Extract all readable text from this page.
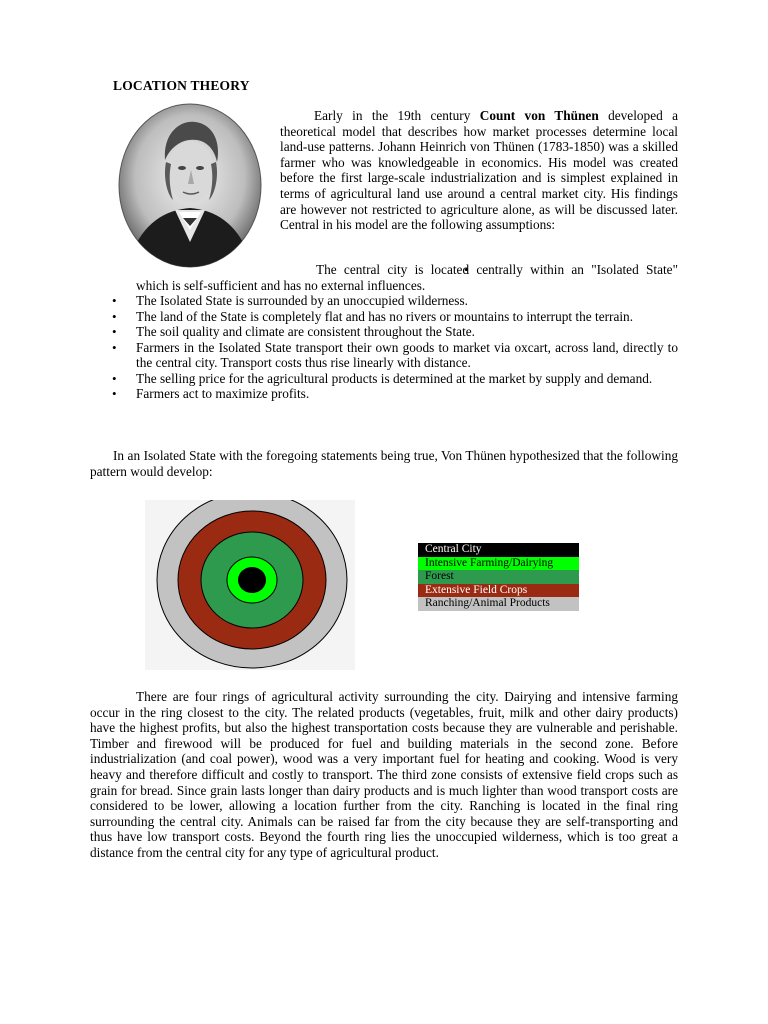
LOCATION THEORY

Early in the 19th century Count von Thünen developed a theoretical model that describes how market processes determine local land-use patterns. Johann Heinrich von Thünen (1783-1850) was a skilled farmer who was knowledgeable in economics. His model was created before the first large-scale industrialization and is simplest explained in terms of agricultural land use around a central market city. His findings are however not restricted to agriculture alone, as will be discussed later. Central in his model are the following assumptions:

• The central city is located centrally within an "Isolated State" which is self-sufficient and has no external influences.
• The Isolated State is surrounded by an unoccupied wilderness.
• The land of the State is completely flat and has no rivers or mountains to interrupt the terrain.
• The soil quality and climate are consistent throughout the State.
• Farmers in the Isolated State transport their own goods to market via oxcart, across land, directly to the central city. Transport costs thus rise linearly with distance.
• The selling price for the agricultural products is determined at the market by supply and demand.
• Farmers act to maximize profits.

In an Isolated State with the foregoing statements being true, Von Thünen hypothesized that the following pattern would develop:

Central City
Intensive Farming/Dairying
Forest
Extensive Field Crops
Ranching/Animal Products

There are four rings of agricultural activity surrounding the city. Dairying and intensive farming occur in the ring closest to the city. The related products (vegetables, fruit, milk and other dairy products) have the highest profits, but also the highest transportation costs because they are vulnerable and perishable. Timber and firewood will be produced for fuel and building materials in the second zone. Before industrialization (and coal power), wood was a very important fuel for heating and cooking. Wood is very heavy and therefore difficult and costly to transport. The third zone consists of extensive field crops such as grain for bread. Since grain lasts longer than dairy products and is much lighter than wood transport costs are considered to be lower, allowing a location further from the city. Ranching is located in the final ring surrounding the central city. Animals can be raised far from the city because they are self-transporting and thus have low transport costs. Beyond the fourth ring lies the unoccupied wilderness, which is too great a distance from the central city for any type of agricultural product.
